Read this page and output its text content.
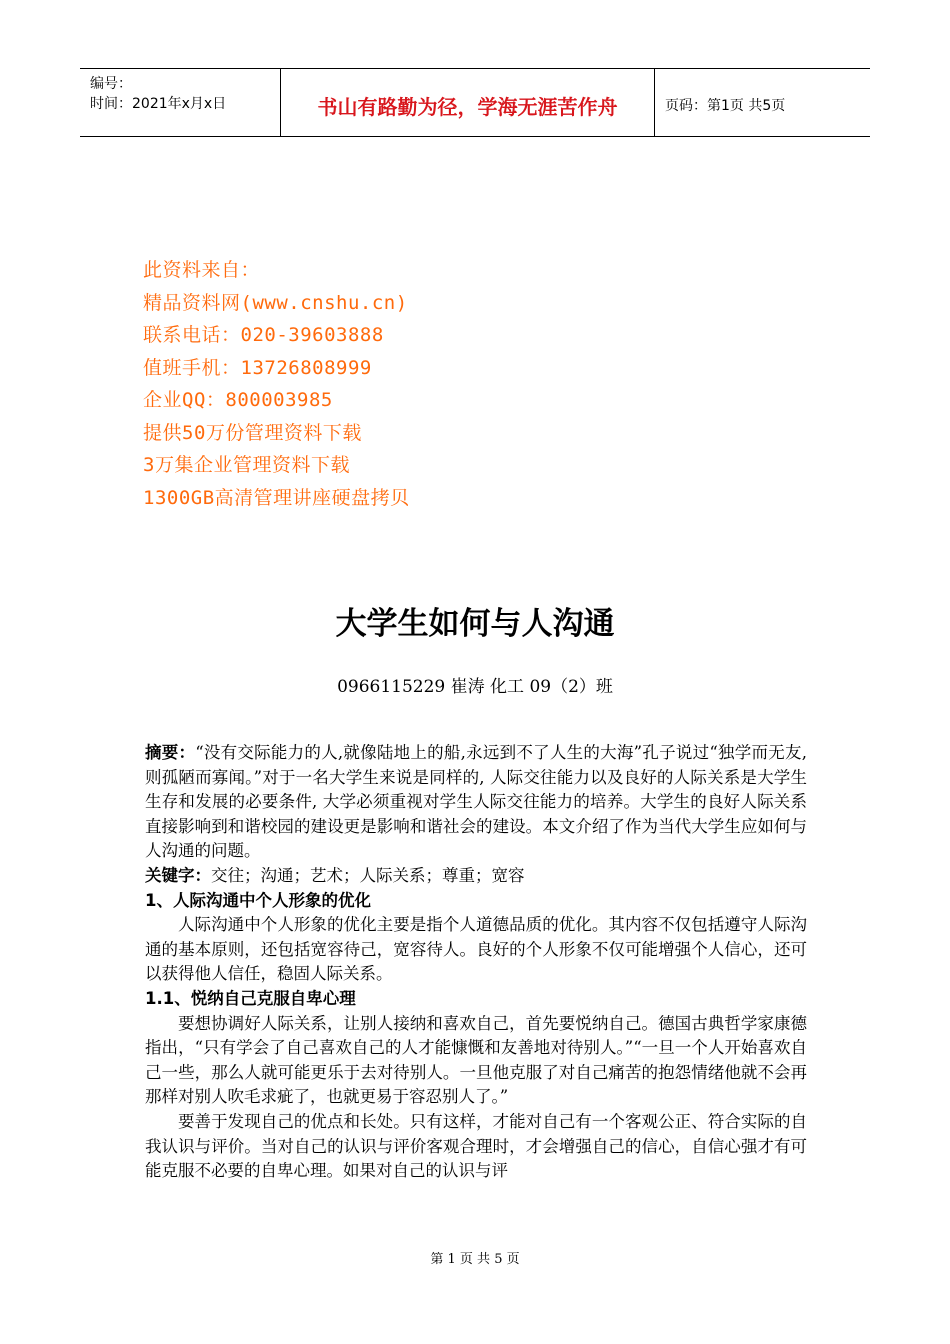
编号：
时间：2021年x月x日	书山有路勤为径，学海无涯苦作舟	页码：第1页 共5页
此资料来自：
精品资料网(www.cnshu.cn)
联系电话：020-39603888
值班手机：13726808999
企业QQ：800003985
提供50万份管理资料下载
3万集企业管理资料下载
1300GB高清管理讲座硬盘拷贝
大学生如何与人沟通
0966115229 崔涛 化工 09（2）班

摘要：“没有交际能力的人,就像陆地上的船,永远到不了人生的大海”孔子说过“独学而无友,则孤陋而寡闻。”对于一名大学生来说是同样的, 人际交往能力以及良好的人际关系是大学生生存和发展的必要条件, 大学必须重视对学生人际交往能力的培养。大学生的良好人际关系直接影响到和谐校园的建设更是影响和谐社会的建设。本文介绍了作为当代大学生应如何与人沟通的问题。

关键字：交往；沟通；艺术；人际关系；尊重；宽容

1、人际沟通中个人形象的优化

人际沟通中个人形象的优化主要是指个人道德品质的优化。其内容不仅包括遵守人际沟通的基本原则，还包括宽容待己，宽容待人。良好的个人形象不仅可能增强个人信心，还可以获得他人信任，稳固人际关系。

1.1、悦纳自己克服自卑心理

要想协调好人际关系，让别人接纳和喜欢自己，首先要悦纳自己。德国古典哲学家康德指出，“只有学会了自己喜欢自己的人才能慷慨和友善地对待别人。”“一旦一个人开始喜欢自己一些，那么人就可能更乐于去对待别人。一旦他克服了对自己痛苦的抱怨情绪他就不会再那样对别人吹毛求疵了，也就更易于容忍别人了。”

要善于发现自己的优点和长处。只有这样，才能对自己有一个客观公正、符合实际的自我认识与评价。当对自己的认识与评价客观合理时，才会增强自己的信心，自信心强才有可能克服不必要的自卑心理。如果对自己的认识与评

第 1 页 共 5 页
